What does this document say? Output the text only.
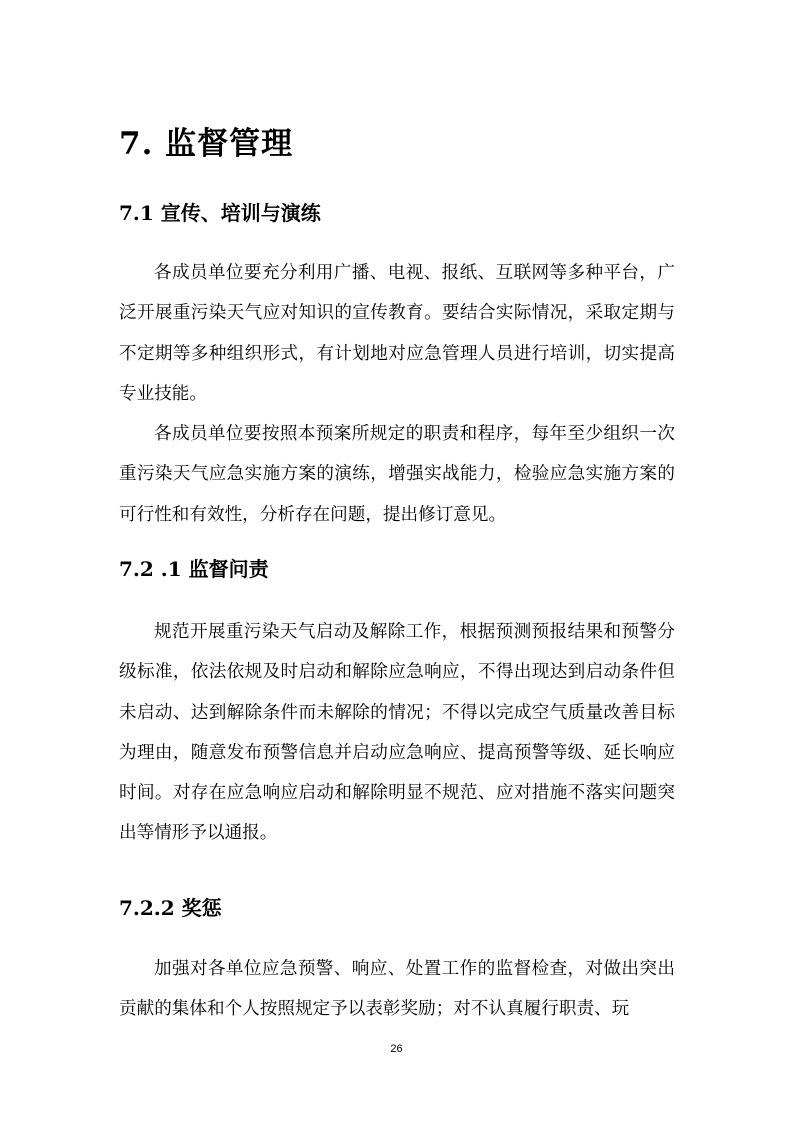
7. 监督管理
7.1 宣传、培训与演练

各成员单位要充分利用广播、电视、报纸、互联网等多种平台，广泛开展重污染天气应对知识的宣传教育。要结合实际情况，采取定期与不定期等多种组织形式，有计划地对应急管理人员进行培训，切实提高专业技能。

各成员单位要按照本预案所规定的职责和程序，每年至少组织一次重污染天气应急实施方案的演练，增强实战能力，检验应急实施方案的可行性和有效性，分析存在问题，提出修订意见。

7.2 .1 监督问责

规范开展重污染天气启动及解除工作，根据预测预报结果和预警分级标准，依法依规及时启动和解除应急响应，不得出现达到启动条件但未启动、达到解除条件而未解除的情况；不得以完成空气质量改善目标为理由，随意发布预警信息并启动应急响应、提高预警等级、延长响应时间。对存在应急响应启动和解除明显不规范、应对措施不落实问题突出等情形予以通报。

7.2.2 奖惩

加强对各单位应急预警、响应、处置工作的监督检查，对做出突出贡献的集体和个人按照规定予以表彰奖励；对不认真履行职责、玩

26
